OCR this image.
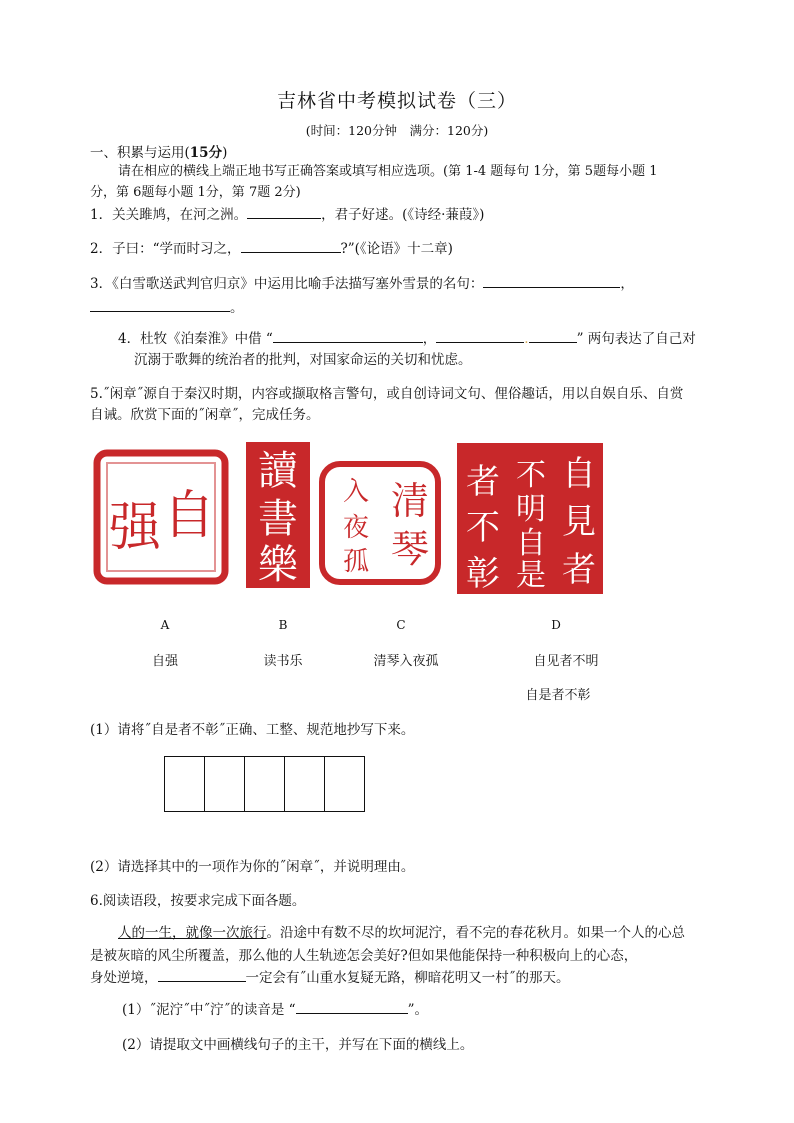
吉林省中考模拟试卷（三）
(时间：120分钟　满分：120分)
一、积累与运用(15分)
请在相应的横线上端正地书写正确答案或填写相应选项。(第 1-4 题每句 1分，第 5题每小题 1
分，第 6题每小题 1分，第 7题 2分)
1．关关雎鸠，在河之洲。	，君子好逑。(《诗经·蒹葭》)
2．子曰：“学而时习之，	?”(《论语》十二章)
3．《白雪歌送武判官归京》中运用比喻手法描写塞外雪景的名句：	，
。
4．杜牧《泊秦淮》中借 “	，	.	” 两句表达了自己对
沉溺于歌舞的统治者的批判，对国家命运的关切和忧虑。
5.˝闲章˝源自于秦汉时期，内容或撷取格言警句，或自创诗词文句、俚俗趣话，用以自娱自乐、自赏
自诫。欣赏下面的˝闲章˝，完成任务。
自
强
讀
書
樂
清
琴
入
夜
孤
自
見
者
不
明
自
是
者
不
彰
A	B	C	D
自强	读书乐	清琴入夜孤	自见者不明
自是者不彰
(1）请将˝自是者不彰˝正确、工整、规范地抄写下来。
(2）请选择其中的一项作为你的˝闲章˝，并说明理由。
6.阅读语段，按要求完成下面各题。
人的一生，就像一次旅行。沿途中有数不尽的坎坷泥泞，看不完的春花秋月。如果一个人的心总
是被灰暗的风尘所覆盖，那么他的人生轨迹怎会美好?但如果他能保持一种积极向上的心态，
身处逆境，	一定会有˝山重水复疑无路，柳暗花明又一村˝的那天。
(1）˝泥泞˝中˝泞˝的读音是 “	”。
(2）请提取文中画横线句子的主干，并写在下面的横线上。
